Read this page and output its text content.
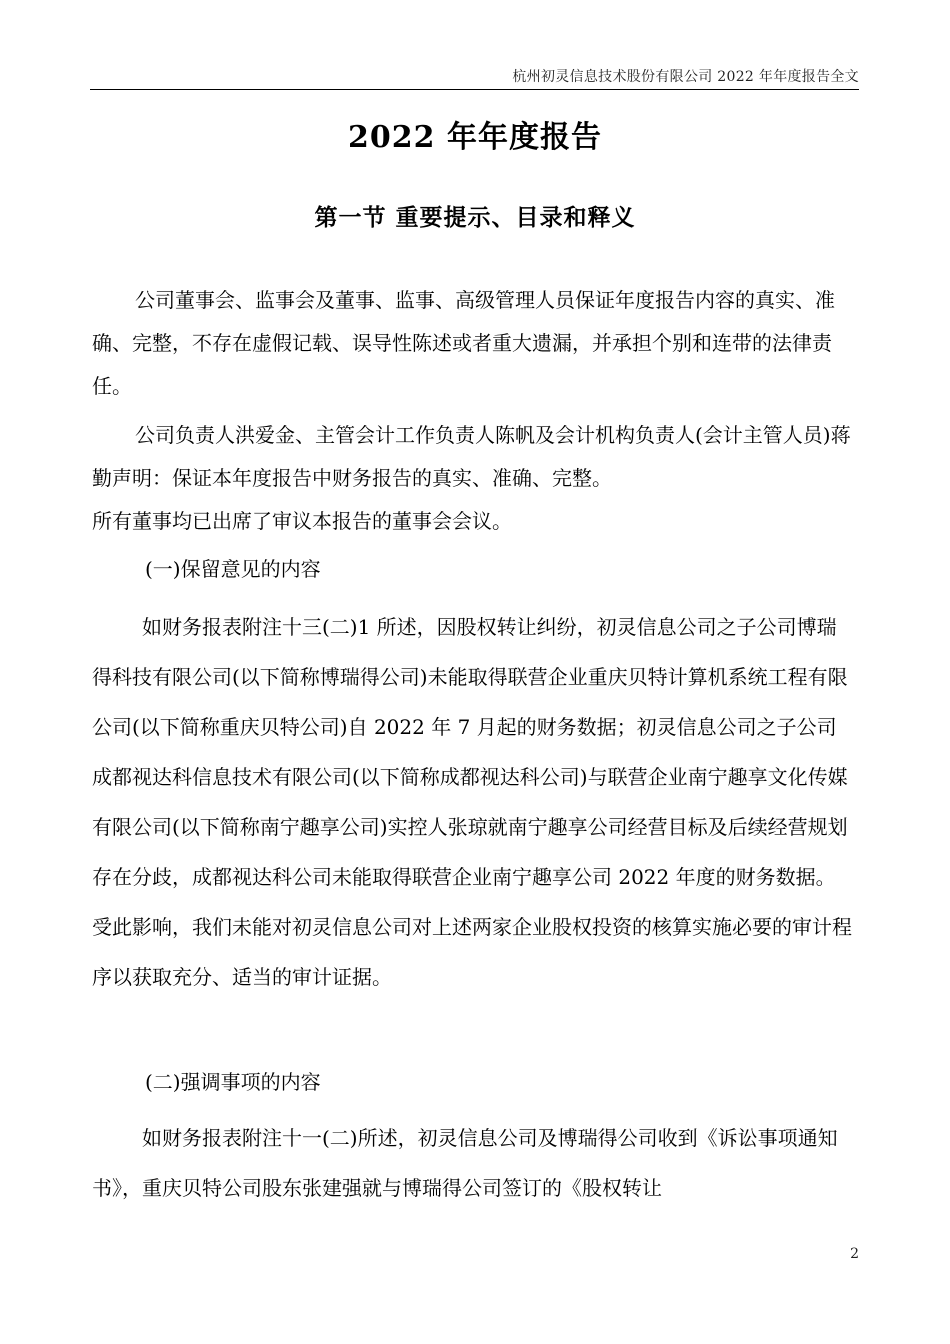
杭州初灵信息技术股份有限公司 2022 年年度报告全文
2022 年年度报告
第一节 重要提示、目录和释义

公司董事会、监事会及董事、监事、高级管理人员保证年度报告内容的真实、准确、完整，不存在虚假记载、误导性陈述或者重大遗漏，并承担个别和连带的法律责任。

公司负责人洪爱金、主管会计工作负责人陈帆及会计机构负责人(会计主管人员)蒋勤声明：保证本年度报告中财务报告的真实、准确、完整。

所有董事均已出席了审议本报告的董事会会议。

(一)保留意见的内容

如财务报表附注十三(二)1 所述，因股权转让纠纷，初灵信息公司之子公司博瑞得科技有限公司(以下简称博瑞得公司)未能取得联营企业重庆贝特计算机系统工程有限公司(以下简称重庆贝特公司)自 2022 年 7 月起的财务数据；初灵信息公司之子公司成都视达科信息技术有限公司(以下简称成都视达科公司)与联营企业南宁趣享文化传媒有限公司(以下简称南宁趣享公司)实控人张琼就南宁趣享公司经营目标及后续经营规划存在分歧，成都视达科公司未能取得联营企业南宁趣享公司 2022 年度的财务数据。受此影响，我们未能对初灵信息公司对上述两家企业股权投资的核算实施必要的审计程序以获取充分、适当的审计证据。

(二)强调事项的内容

如财务报表附注十一(二)所述，初灵信息公司及博瑞得公司收到《诉讼事项通知书》，重庆贝特公司股东张建强就与博瑞得公司签订的《股权转让

2
